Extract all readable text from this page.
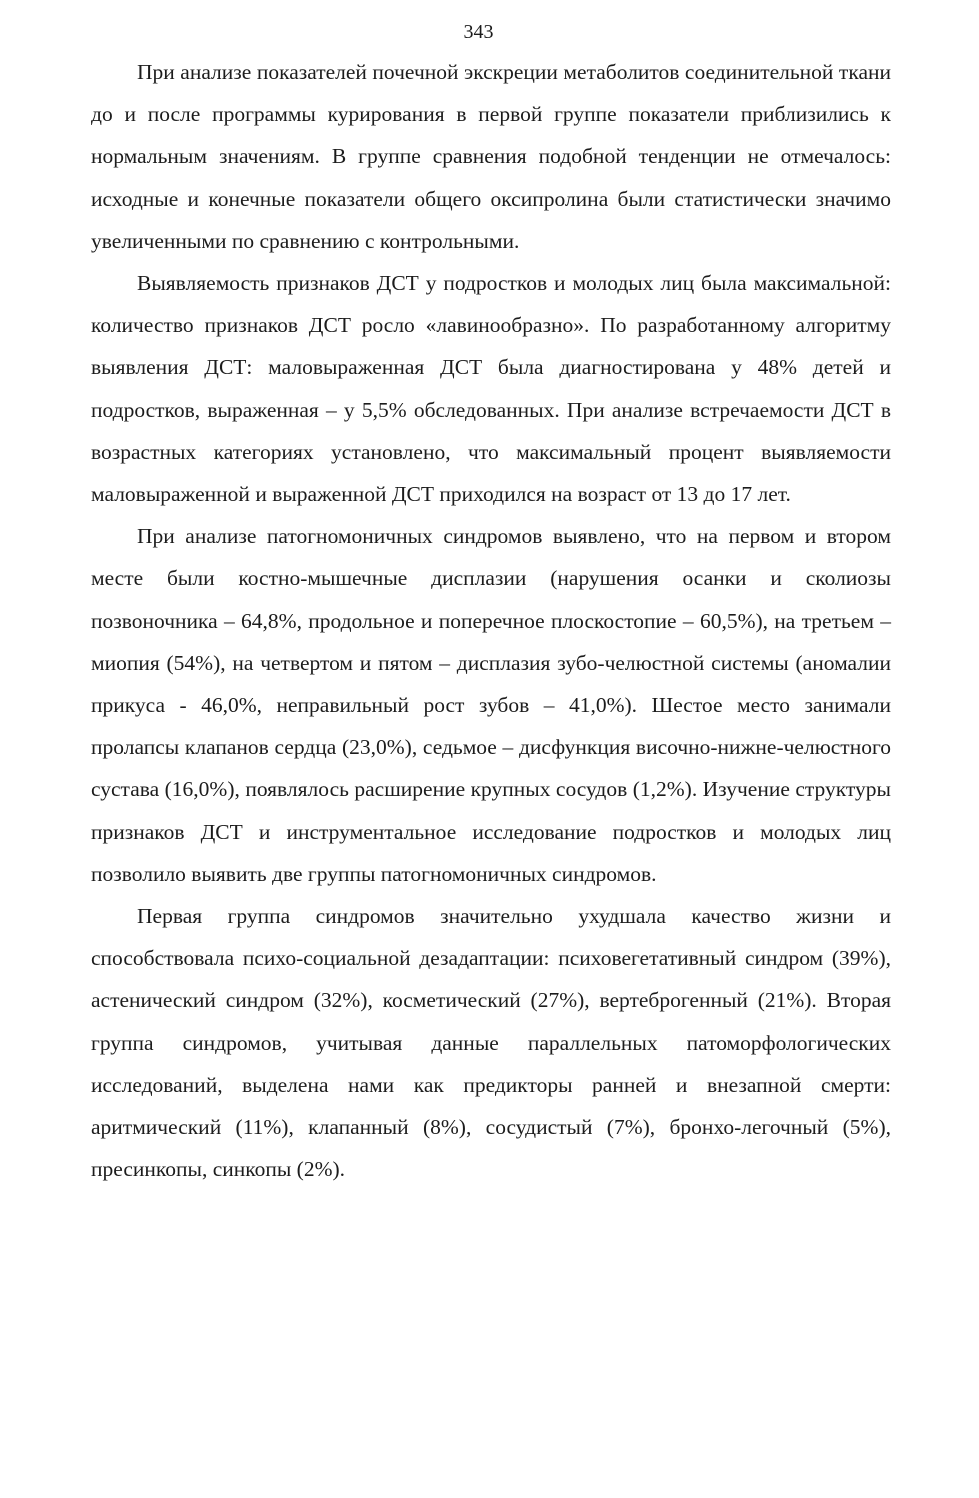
343

При анализе показателей почечной экскреции метаболитов соединительной ткани до и после программы курирования в первой группе показатели приблизились к нормальным значениям. В группе сравнения подобной тенденции не отмечалось: исходные и конечные показатели общего оксипролина были статистически значимо увеличенными по сравнению с контрольными.

Выявляемость признаков ДСТ у подростков и молодых лиц была максимальной: количество признаков ДСТ росло «лавинообразно». По разработанному алгоритму выявления ДСТ: маловыраженная ДСТ была диагностирована у 48% детей и подростков, выраженная – у 5,5% обследованных. При анализе встречаемости ДСТ в возрастных категориях установлено, что максимальный процент выявляемости маловыраженной и выраженной ДСТ приходился на возраст от 13 до 17 лет.

При анализе патогномоничных синдромов выявлено, что на первом и втором месте были костно-мышечные дисплазии (нарушения осанки и сколиозы позвоночника – 64,8%, продольное и поперечное плоскостопие – 60,5%), на третьем – миопия (54%), на четвертом и пятом – дисплазия зубо-челюстной системы (аномалии прикуса - 46,0%, неправильный рост зубов – 41,0%). Шестое место занимали пролапсы клапанов сердца (23,0%), седьмое – дисфункция височно-нижне-челюстного сустава (16,0%), появлялось расширение крупных сосудов (1,2%). Изучение структуры признаков ДСТ и инструментальное исследование подростков и молодых лиц позволило выявить две группы патогномоничных синдромов.

Первая группа синдромов значительно ухудшала качество жизни и способствовала психо-социальной дезадаптации: психовегетативный синдром (39%), астенический синдром (32%), косметический (27%), вертеброгенный (21%). Вторая группа синдромов, учитывая данные параллельных патоморфологических исследований, выделена нами как предикторы ранней и внезапной смерти: аритмический (11%), клапанный (8%), сосудистый (7%), бронхо-легочный (5%), пресинкопы, синкопы (2%).
